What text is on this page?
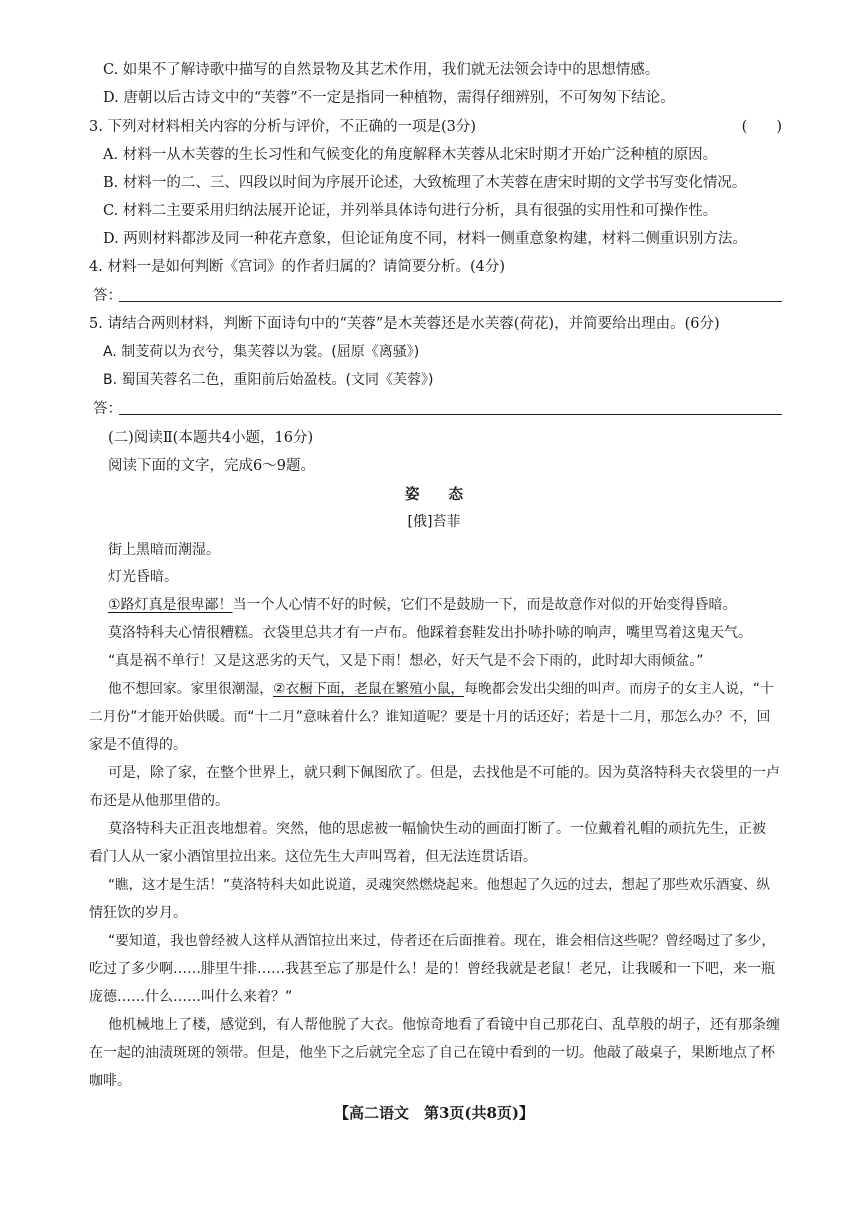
C. 如果不了解诗歌中描写的自然景物及其艺术作用，我们就无法领会诗中的思想情感。
D. 唐朝以后古诗文中的“芙蓉”不一定是指同一种植物，需得仔细辨别，不可匆匆下结论。
3. 下列对材料相关内容的分析与评价，不正确的一项是(3分)	(　　)
A. 材料一从木芙蓉的生长习性和气候变化的角度解释木芙蓉从北宋时期才开始广泛种植的原因。
B. 材料一的二、三、四段以时间为序展开论述，大致梳理了木芙蓉在唐宋时期的文学书写变化情况。
C. 材料二主要采用归纳法展开论证，并列举具体诗句进行分析，具有很强的实用性和可操作性。
D. 两则材料都涉及同一种花卉意象，但论证角度不同，材料一侧重意象构建，材料二侧重识别方法。
4. 材料一是如何判断《宫词》的作者归属的？请简要分析。(4分)
答：
5. 请结合两则材料，判断下面诗句中的“芙蓉”是木芙蓉还是水芙蓉(荷花)，并简要给出理由。(6分)
A. 制芰荷以为衣兮，集芙蓉以为裳。(屈原《离骚》)
B. 蜀国芙蓉名二色，重阳前后始盈枝。(文同《芙蓉》)
答：
(二)阅读Ⅱ(本题共4小题，16分)
阅读下面的文字，完成6～9题。
姿　　态
[俄]苔菲
街上黑暗而潮湿。
灯光昏暗。
①路灯真是很卑鄙！当一个人心情不好的时候，它们不是鼓励一下，而是故意作对似的开始变得昏暗。
莫洛特科夫心情很糟糕。衣袋里总共才有一卢布。他踩着套鞋发出扑哧扑哧的响声，嘴里骂着这鬼天气。
“真是祸不单行！又是这恶劣的天气，又是下雨！想必，好天气是不会下雨的，此时却大雨倾盆。”
他不想回家。家里很潮湿，②衣橱下面，老鼠在繁殖小鼠，每晚都会发出尖细的叫声。而房子的女主人说，“十
二月份”才能开始供暖。而“十二月”意味着什么？谁知道呢？要是十月的话还好；若是十二月，那怎么办？不，回
家是不值得的。
可是，除了家，在整个世界上，就只剩下佩图欣了。但是，去找他是不可能的。因为莫洛特科夫衣袋里的一卢
布还是从他那里借的。
莫洛特科夫正沮丧地想着。突然，他的思虑被一幅愉快生动的画面打断了。一位戴着礼帽的顽抗先生，正被
看门人从一家小酒馆里拉出来。这位先生大声叫骂着，但无法连贯话语。
“瞧，这才是生活！”莫洛特科夫如此说道，灵魂突然燃烧起来。他想起了久远的过去，想起了那些欢乐酒宴、纵
情狂饮的岁月。
“要知道，我也曾经被人这样从酒馆拉出来过，侍者还在后面推着。现在，谁会相信这些呢？曾经喝过了多少，
吃过了多少啊……腓里牛排……我甚至忘了那是什么！是的！曾经我就是老鼠！老兄，让我暖和一下吧，来一瓶
庞德……什么……叫什么来着？”
他机械地上了楼，感觉到，有人帮他脱了大衣。他惊奇地看了看镜中自己那花白、乱草般的胡子，还有那条缠
在一起的油渍斑斑的领带。但是，他坐下之后就完全忘了自己在镜中看到的一切。他敲了敲桌子，果断地点了杯
咖啡。
【高二语文　第3页(共8页)】
